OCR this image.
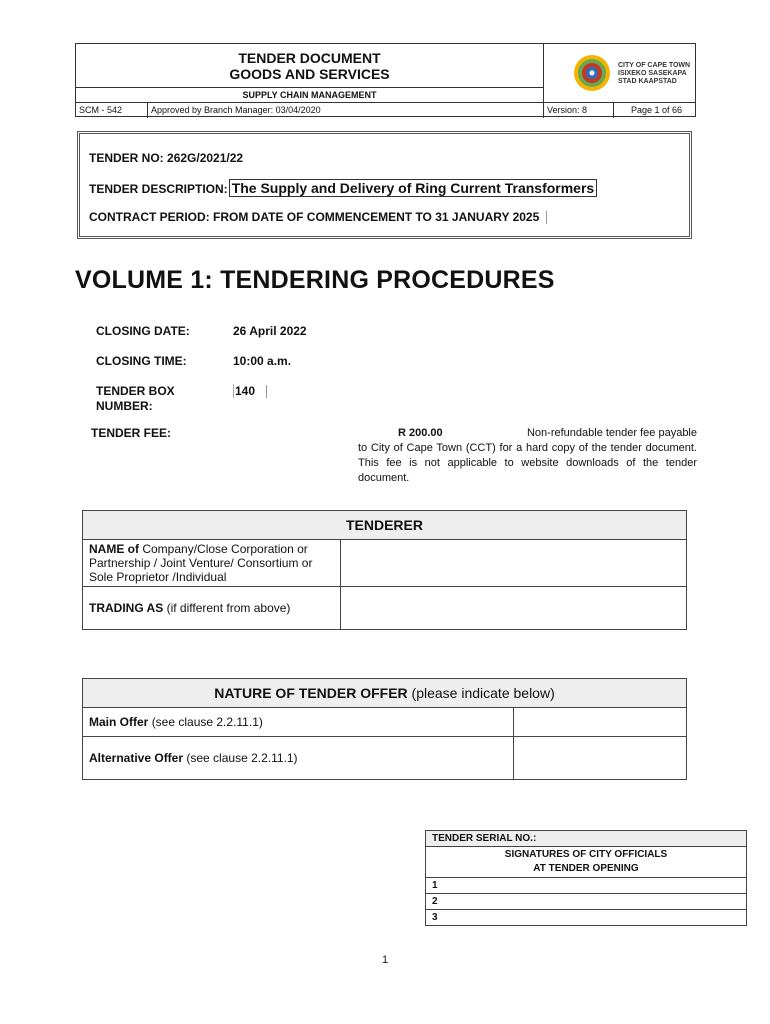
TENDER DOCUMENT
GOODS AND SERVICES
SUPPLY CHAIN MANAGEMENT
CITY OF CAPE TOWN
ISIXEKO SASEKAPA
STAD KAAPSTAD
SCM - 542	Approved by Branch Manager: 03/04/2020	Version: 8	Page 1 of 66
TENDER NO: 262G/2021/22
TENDER DESCRIPTION: The Supply and Delivery of Ring Current Transformers
CONTRACT PERIOD: FROM DATE OF COMMENCEMENT TO 31 JANUARY 2025
VOLUME 1: TENDERING PROCEDURES
CLOSING DATE:	26 April 2022
CLOSING TIME:	10:00 a.m.
TENDER BOX
NUMBER:
140
TENDER FEE:	R 200.00	Non-refundable tender fee payable
to City of Cape Town (CCT) for a hard copy of the tender document. This fee is not applicable to website downloads of the tender document.
TENDERER	
NAME of Company/Close Corporation or Partnership / Joint Venture/ Consortium or Sole Proprietor /Individual	
TRADING AS (if different from above)	
NATURE OF TENDER OFFER (please indicate below)	
Main Offer (see clause 2.2.11.1)	
Alternative Offer (see clause 2.2.11.1)	
TENDER SERIAL NO.:

SIGNATURES OF CITY OFFICIALS
AT TENDER OPENING

1
2
3
1
